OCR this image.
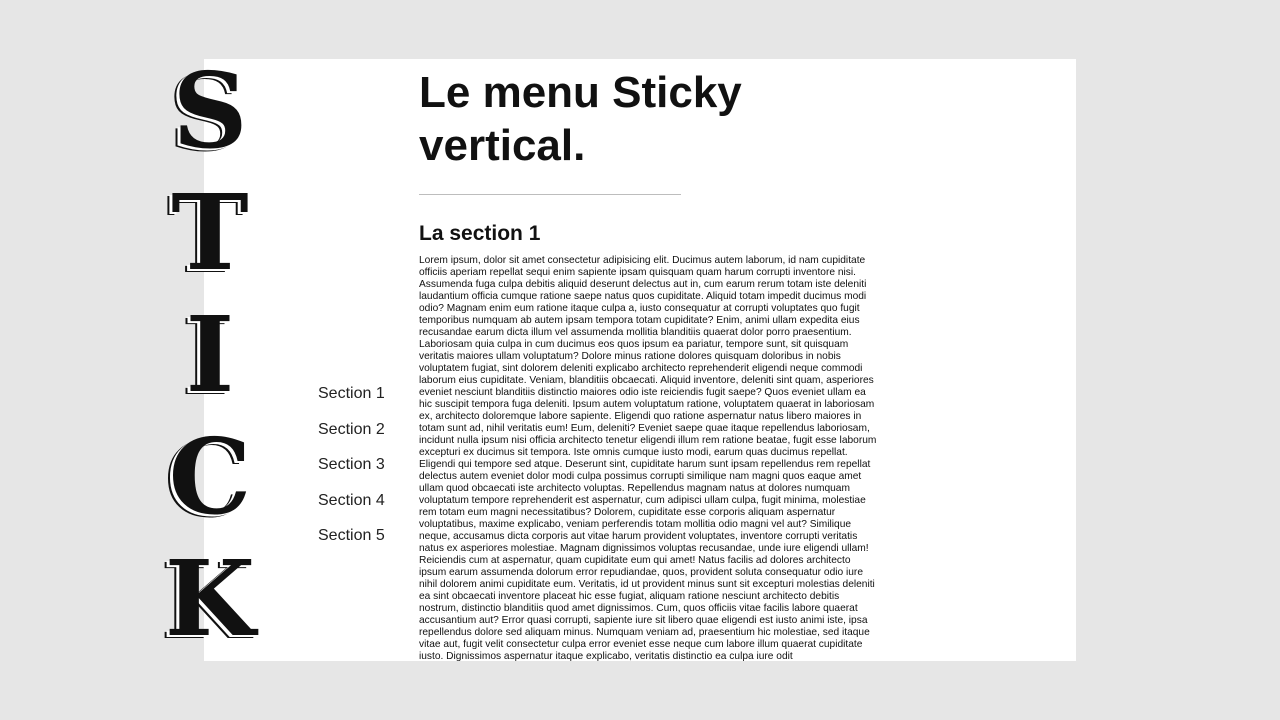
S
T
I
C
K
Section 1
Section 2
Section 3
Section 4
Section 5
Le menu Sticky vertical.
La section 1

Lorem ipsum, dolor sit amet consectetur adipisicing elit. Ducimus autem laborum, id nam cupiditate officiis aperiam repellat sequi enim sapiente ipsam quisquam quam harum corrupti inventore nisi. Assumenda fuga culpa debitis aliquid deserunt delectus aut in, cum earum rerum totam iste deleniti laudantium officia cumque ratione saepe natus quos cupiditate. Aliquid totam impedit ducimus modi odio? Magnam enim eum ratione itaque culpa a, iusto consequatur at corrupti voluptates quo fugit temporibus numquam ab autem ipsam tempora totam cupiditate? Enim, animi ullam expedita eius recusandae earum dicta illum vel assumenda mollitia blanditiis quaerat dolor porro praesentium. Laboriosam quia culpa in cum ducimus eos quos ipsum ea pariatur, tempore sunt, sit quisquam veritatis maiores ullam voluptatum? Dolore minus ratione dolores quisquam doloribus in nobis voluptatem fugiat, sint dolorem deleniti explicabo architecto reprehenderit eligendi neque commodi laborum eius cupiditate. Veniam, blanditiis obcaecati. Aliquid inventore, deleniti sint quam, asperiores eveniet nesciunt blanditiis distinctio maiores odio iste reiciendis fugit saepe? Quos eveniet ullam ea hic suscipit tempora fuga deleniti. Ipsum autem voluptatum ratione, voluptatem quaerat in laboriosam ex, architecto doloremque labore sapiente. Eligendi quo ratione aspernatur natus libero maiores in totam sunt ad, nihil veritatis eum! Eum, deleniti? Eveniet saepe quae itaque repellendus laboriosam, incidunt nulla ipsum nisi officia architecto tenetur eligendi illum rem ratione beatae, fugit esse laborum excepturi ex ducimus sit tempora. Iste omnis cumque iusto modi, earum quas ducimus repellat. Eligendi qui tempore sed atque. Deserunt sint, cupiditate harum sunt ipsam repellendus rem repellat delectus autem eveniet dolor modi culpa possimus corrupti similique nam magni quos eaque amet ullam quod obcaecati iste architecto voluptas. Repellendus magnam natus at dolores numquam voluptatum tempore reprehenderit est aspernatur, cum adipisci ullam culpa, fugit minima, molestiae rem totam eum magni necessitatibus? Dolorem, cupiditate esse corporis aliquam aspernatur voluptatibus, maxime explicabo, veniam perferendis totam mollitia odio magni vel aut? Similique neque, accusamus dicta corporis aut vitae harum provident voluptates, inventore corrupti veritatis natus ex asperiores molestiae. Magnam dignissimos voluptas recusandae, unde iure eligendi ullam! Reiciendis cum at aspernatur, quam cupiditate eum qui amet! Natus facilis ad dolores architecto ipsum earum assumenda dolorum error repudiandae, quos, provident soluta consequatur odio iure nihil dolorem animi cupiditate eum. Veritatis, id ut provident minus sunt sit excepturi molestias deleniti ea sint obcaecati inventore placeat hic esse fugiat, aliquam ratione nesciunt architecto debitis nostrum, distinctio blanditiis quod amet dignissimos. Cum, quos officiis vitae facilis labore quaerat accusantium aut? Error quasi corrupti, sapiente iure sit libero quae eligendi est iusto animi iste, ipsa repellendus dolore sed aliquam minus. Numquam veniam ad, praesentium hic molestiae, sed itaque vitae aut, fugit velit consectetur culpa error eveniet esse neque cum labore illum quaerat cupiditate iusto. Dignissimos aspernatur itaque explicabo, veritatis distinctio ea culpa iure odit
